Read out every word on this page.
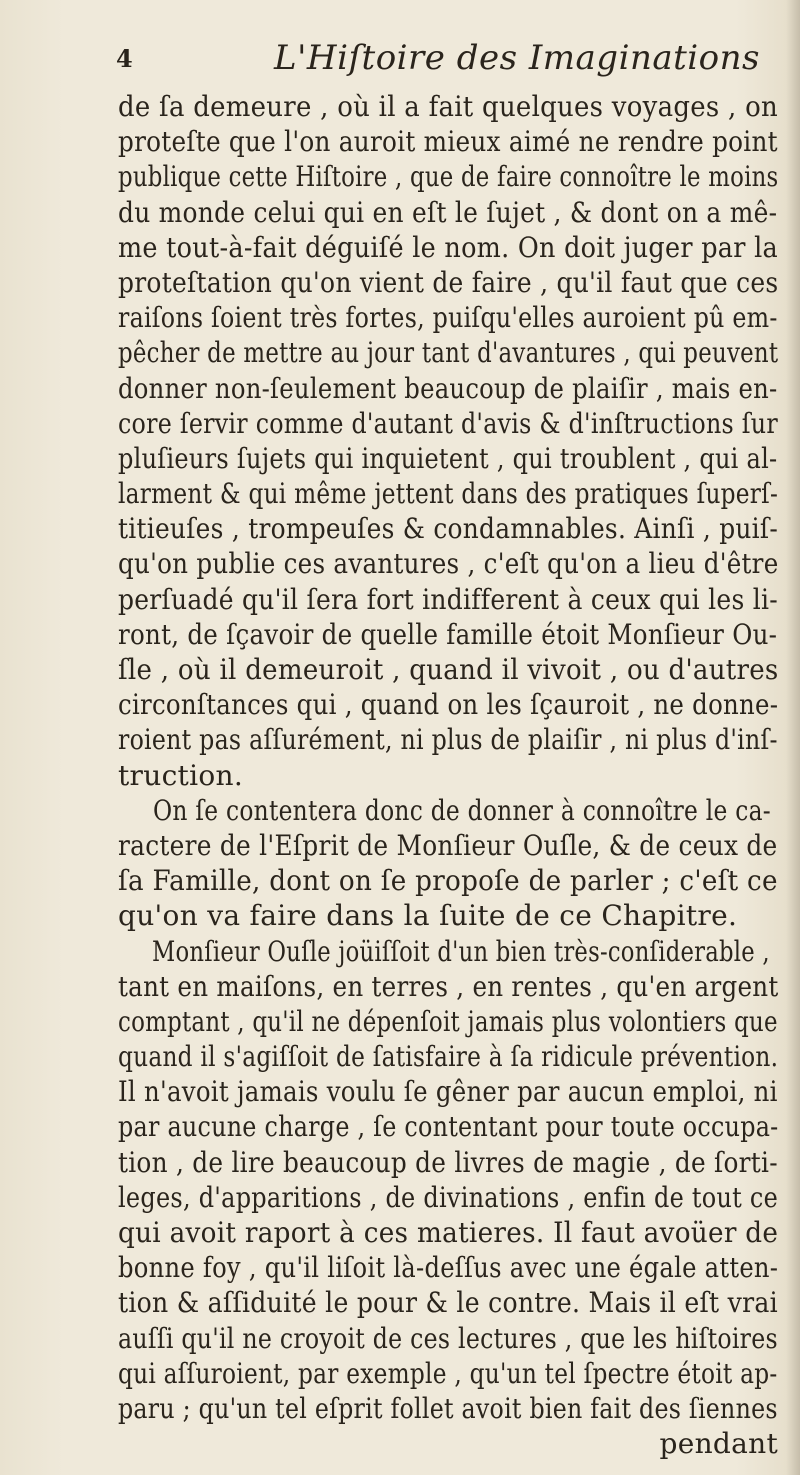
4	L'Hiſtoire des Imaginations
de ſa demeure , où il a fait quelques voyages , on
proteſte que l'on auroit mieux aimé ne rendre point
publique cette Hiſtoire , que de faire connoître le moins
du monde celui qui en eſt le ſujet , & dont on a mê-
me tout-à-fait déguiſé le nom. On doit juger par la
proteſtation qu'on vient de faire , qu'il faut que ces
raiſons ſoient très fortes, puiſqu'elles auroient pû em-
pêcher de mettre au jour tant d'avantures , qui peuvent
donner non-ſeulement beaucoup de plaiſir , mais en-
core ſervir comme d'autant d'avis & d'inſtructions ſur
pluſieurs ſujets qui inquietent , qui troublent , qui al-
larment & qui même jettent dans des pratiques ſuperſ-
titieuſes , trompeuſes & condamnables. Ainſi , puiſ-
qu'on publie ces avantures , c'eſt qu'on a lieu d'être
perſuadé qu'il ſera fort indifferent à ceux qui les li-
ront, de ſçavoir de quelle famille étoit Monſieur Ou-
ſle , où il demeuroit , quand il vivoit , ou d'autres
circonſtances qui , quand on les ſçauroit , ne donne-
roient pas aſſurément, ni plus de plaiſir , ni plus d'inſ-
truction.
On ſe contentera donc de donner à connoître le ca-
ractere de l'Eſprit de Monſieur Ouſle, & de ceux de
ſa Famille, dont on ſe propoſe de parler ; c'eſt ce
qu'on va faire dans la ſuite de ce Chapitre.
Monſieur Ouſle joüiſſoit d'un bien très-conſiderable ,
tant en maiſons, en terres , en rentes , qu'en argent
comptant , qu'il ne dépenſoit jamais plus volontiers que
quand il s'agiſſoit de ſatisfaire à ſa ridicule prévention.
Il n'avoit jamais voulu ſe gêner par aucun emploi, ni
par aucune charge , ſe contentant pour toute occupa-
tion , de lire beaucoup de livres de magie , de ſorti-
leges, d'apparitions , de divinations , enfin de tout ce
qui avoit raport à ces matieres. Il faut avoüer de
bonne foy , qu'il liſoit là-deſſus avec une égale atten-
tion & aſſiduité le pour & le contre. Mais il eſt vrai
auſſi qu'il ne croyoit de ces lectures , que les hiſtoires
qui aſſuroient, par exemple , qu'un tel ſpectre étoit ap-
paru ; qu'un tel eſprit follet avoit bien fait des ſiennes
pendant
